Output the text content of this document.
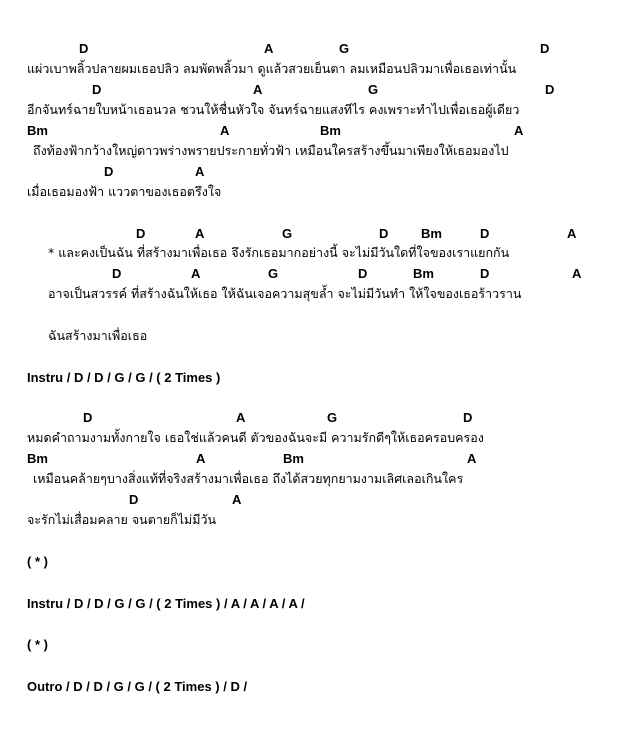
D	A	G	D
แผ่วเบาพลิ้วปลายผมเธอปลิว ลมพัดพลิ้วมา ดูแล้วสวยเย็นตา ลมเหมือนปลิวมาเพื่อเธอเท่านั้น
D	A	G	D
อีกจันทร์ฉายใบหน้าเธอนวล ชวนให้ชื่นหัวใจ จันทร์ฉายแสงทีไร คงเพราะทำไปเพื่อเธอผู้เดียว
Bm	A	Bm	A
ถึงท้องฟ้ากว้างใหญ่ดาวพร่างพรายประกายทั่วฟ้า เหมือนใครสร้างขึ้นมาเพียงให้เธอมองไป
D	A
เมื่อเธอมองฟ้า แววตาของเธอตรึงใจ
D	A	G	D	Bm	D	A
* และคงเป็นฉัน ที่สร้างมาเพื่อเธอ จึงรักเธอมากอย่างนี้ จะไม่มีวันใดที่ใจของเราแยกกัน
D	A	G	D	Bm	D	A
อาจเป็นสวรรค์ ที่สร้างฉันให้เธอ ให้ฉันเจอความสุขล้ำ จะไม่มีวันทำ ให้ใจของเธอร้าวราน
ฉันสร้างมาเพื่อเธอ
Instru / D / D / G / G / ( 2 Times )
D	A	G	D
หมดคำถามงามทั้งกายใจ เธอใช่แล้วคนดี ตัวของฉันจะมี ความรักดีๆให้เธอครอบครอง
Bm	A	Bm	A
เหมือนคล้ายๆบางสิ่งแท้ที่จริงสร้างมาเพื่อเธอ ถึงได้สวยทุกยามงามเลิศเลอเกินใคร
D	A
จะรักไม่เสื่อมคลาย จนตายก็ไม่มีวัน
( * )
Instru / D / D / G / G / ( 2 Times ) / A / A / A / A /
( * )
Outro / D / D / G / G / ( 2 Times ) / D /
